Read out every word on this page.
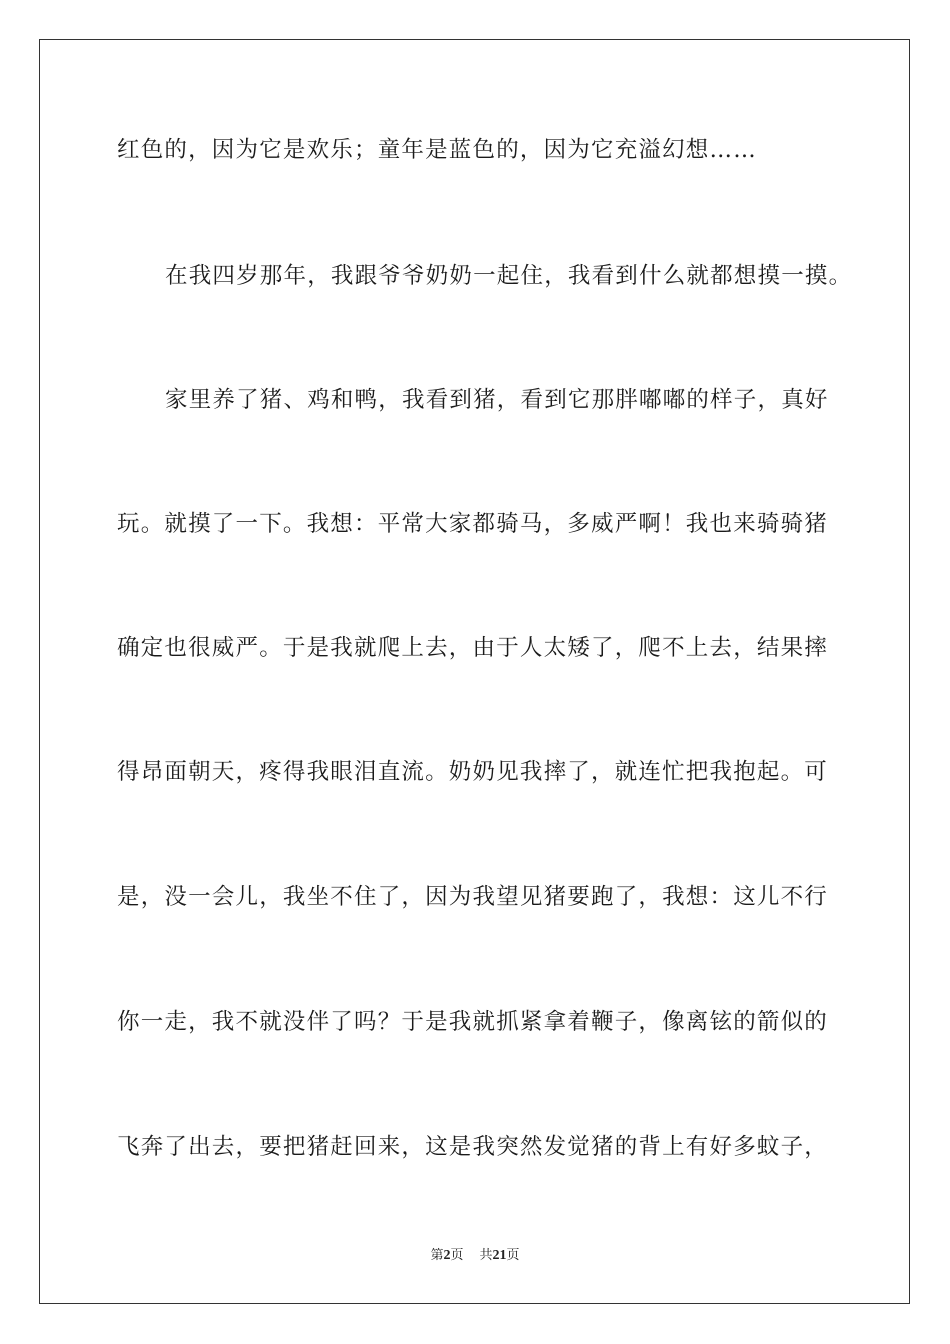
红色的，因为它是欢乐；童年是蓝色的，因为它充溢幻想……
在我四岁那年，我跟爷爷奶奶一起住，我看到什么就都想摸一摸。
家里养了猪、鸡和鸭，我看到猪，看到它那胖嘟嘟的样子，真好
玩。就摸了一下。我想：平常大家都骑马，多威严啊！我也来骑骑猪
确定也很威严。于是我就爬上去，由于人太矮了，爬不上去，结果摔
得昂面朝天，疼得我眼泪直流。奶奶见我摔了，就连忙把我抱起。可
是，没一会儿，我坐不住了，因为我望见猪要跑了，我想：这儿不行
你一走，我不就没伴了吗？于是我就抓紧拿着鞭子，像离铉的箭似的
飞奔了出去，要把猪赶回来，这是我突然发觉猪的背上有好多蚊子，
第2页 共21页
